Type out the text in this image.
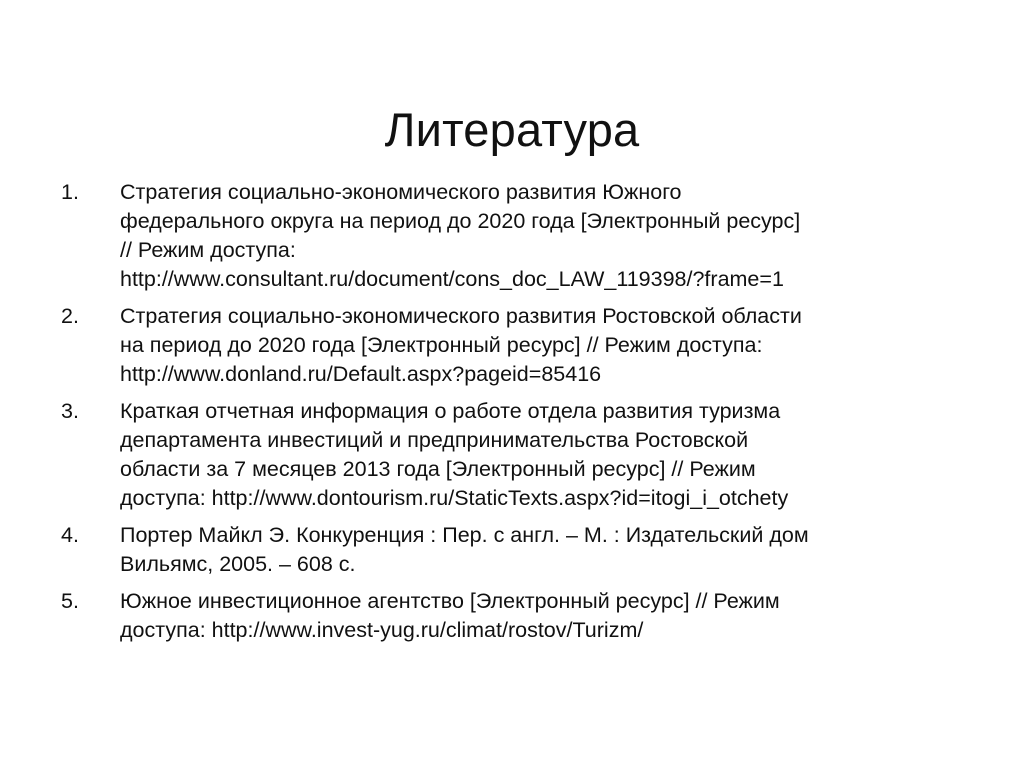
Литература
1.	Стратегия социально-экономического развития Южного
федерального округа на период до 2020 года [Электронный ресурс]
// Режим доступа:
http://www.consultant.ru/document/cons_doc_LAW_119398/?frame=1
2.	Стратегия социально-экономического развития Ростовской области
на период до 2020 года [Электронный ресурс] // Режим доступа:
http://www.donland.ru/Default.aspx?pageid=85416
3.	Краткая отчетная информация о работе отдела развития туризма
департамента инвестиций и предпринимательства Ростовской
области за 7 месяцев 2013 года [Электронный ресурс] // Режим
доступа: http://www.dontourism.ru/StaticTexts.aspx?id=itogi_i_otchety
4.	Портер Майкл Э. Конкуренция : Пер. с англ. – М. : Издательский дом
Вильямс, 2005. – 608 с.
5.	Южное инвестиционное агентство [Электронный ресурс] // Режим
доступа: http://www.invest-yug.ru/climat/rostov/Turizm/
